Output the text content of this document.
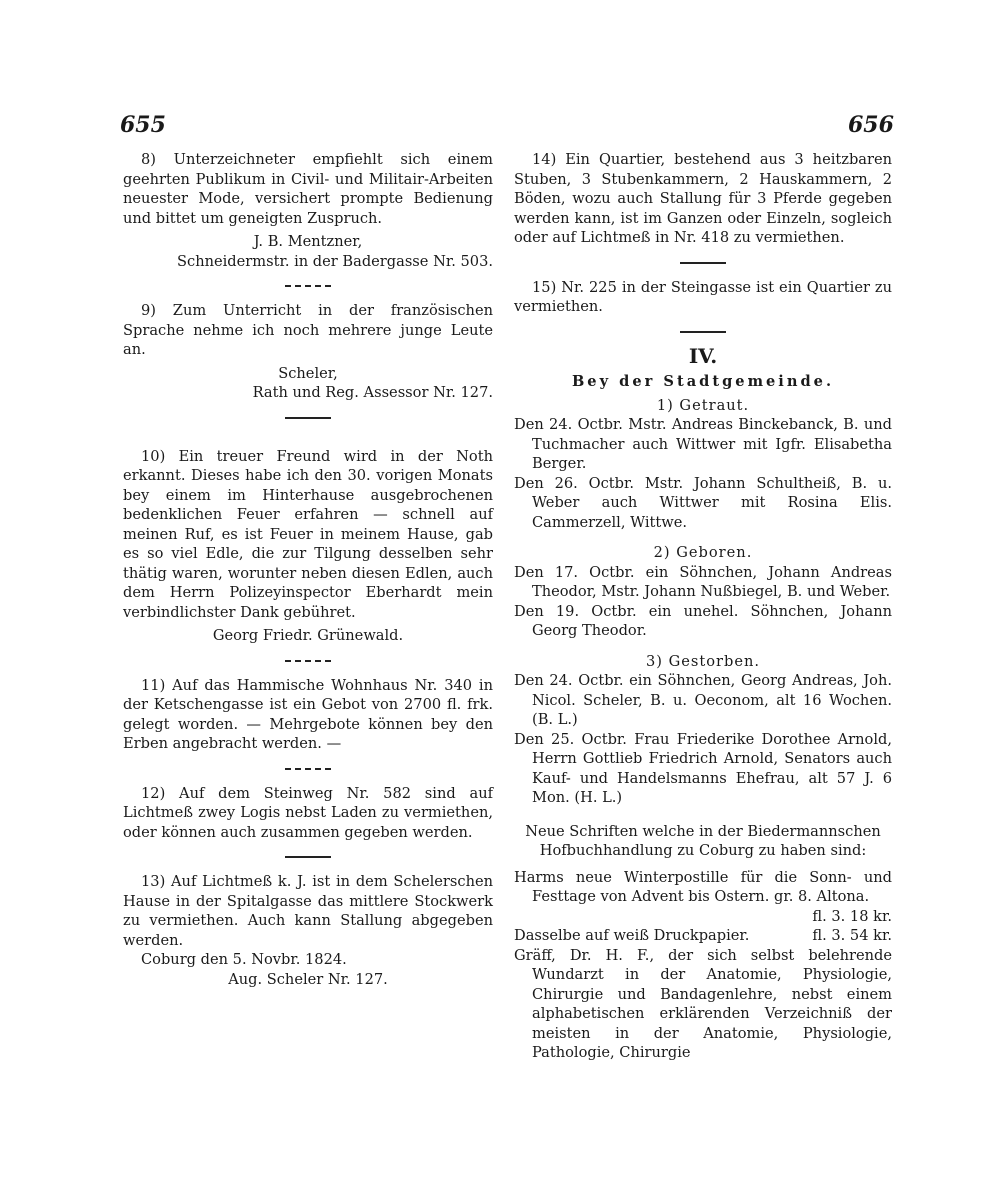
655	656

8) Unterzeichneter empfiehlt sich einem geehrten Publikum in Civil- und Militair-Arbeiten neuester Mode, versichert prompte Bedienung und bittet um geneigten Zuspruch.

J. B. Mentzner,

Schneidermstr. in der Badergasse Nr. 503.

9) Zum Unterricht in der französischen Sprache nehme ich noch mehrere junge Leute an.

Scheler,

Rath und Reg. Assessor Nr. 127.

10) Ein treuer Freund wird in der Noth erkannt. Dieses habe ich den 30. vorigen Monats bey einem im Hinterhause ausgebrochenen bedenklichen Feuer erfahren — schnell auf meinen Ruf, es ist Feuer in meinem Hause, gab es so viel Edle, die zur Tilgung desselben sehr thätig waren, worunter neben diesen Edlen, auch dem Herrn Polizeyinspector Eberhardt mein verbindlichster Dank gebühret.

Georg Friedr. Grünewald.

11) Auf das Hammische Wohnhaus Nr. 340 in der Ketschengasse ist ein Gebot von 2700 fl. frk. gelegt worden. — Mehrgebote können bey den Erben angebracht werden. —

12) Auf dem Steinweg Nr. 582 sind auf Lichtmeß zwey Logis nebst Laden zu vermiethen, oder können auch zusammen gegeben werden.

13) Auf Lichtmeß k. J. ist in dem Schelerschen Hause in der Spitalgasse das mittlere Stockwerk zu vermiethen. Auch kann Stallung abgegeben werden.

Coburg den 5. Novbr. 1824.

Aug. Scheler Nr. 127.

14) Ein Quartier, bestehend aus 3 heitzbaren Stuben, 3 Stubenkammern, 2 Hauskammern, 2 Böden, wozu auch Stallung für 3 Pferde gegeben werden kann, ist im Ganzen oder Einzeln, sogleich oder auf Lichtmeß in Nr. 418 zu vermiethen.

15) Nr. 225 in der Steingasse ist ein Quartier zu vermiethen.

IV.
Bey der Stadtgemeinde.
1) Getraut.

Den 24. Octbr. Mstr. Andreas Binckebanck, B. und Tuchmacher auch Wittwer mit Igfr. Elisabetha Berger.

Den 26. Octbr. Mstr. Johann Schultheiß, B. u. Weber auch Wittwer mit Rosina Elis. Cammerzell, Wittwe.

2) Geboren.

Den 17. Octbr. ein Söhnchen, Johann Andreas Theodor, Mstr. Johann Nußbiegel, B. und Weber.

Den 19. Octbr. ein unehel. Söhnchen, Johann Georg Theodor.

3) Gestorben.

Den 24. Octbr. ein Söhnchen, Georg Andreas, Joh. Nicol. Scheler, B. u. Oeconom, alt 16 Wochen. (B. L.)

Den 25. Octbr. Frau Friederike Dorothee Arnold, Herrn Gottlieb Friedrich Arnold, Senators auch Kauf- und Handelsmanns Ehefrau, alt 57 J. 6 Mon. (H. L.)

Neue Schriften welche in der Biedermannschen Hofbuchhandlung zu Coburg zu haben sind:

Harms neue Winterpostille für die Sonn- und Festtage von Advent bis Ostern. gr. 8. Altona.

fl. 3. 18 kr.

Dasselbe auf weiß Druckpapier.	fl. 3. 54 kr.

Gräff, Dr. H. F., der sich selbst belehrende Wundarzt in der Anatomie, Physiologie, Chirurgie und Bandagenlehre, nebst einem alphabetischen erklärenden Verzeichniß der meisten in der Anatomie, Physiologie, Pathologie, Chirurgie
